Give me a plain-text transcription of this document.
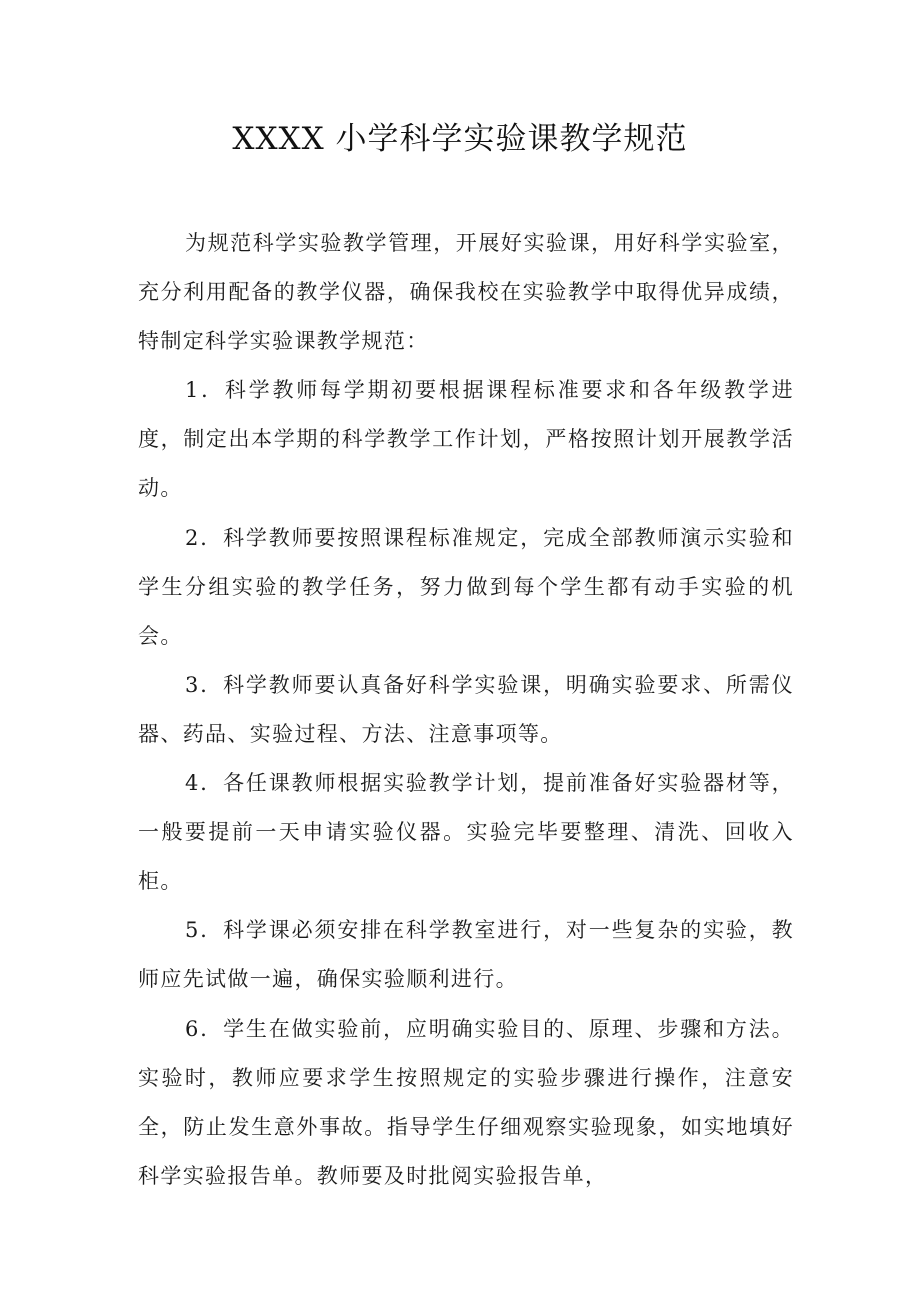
XXXX 小学科学实验课教学规范

为规范科学实验教学管理，开展好实验课，用好科学实验室，充分利用配备的教学仪器，确保我校在实验教学中取得优异成绩，特制定科学实验课教学规范：

1．科学教师每学期初要根据课程标准要求和各年级教学进度，制定出本学期的科学教学工作计划，严格按照计划开展教学活动。

2．科学教师要按照课程标准规定，完成全部教师演示实验和学生分组实验的教学任务，努力做到每个学生都有动手实验的机会。

3．科学教师要认真备好科学实验课，明确实验要求、所需仪器、药品、实验过程、方法、注意事项等。

4．各任课教师根据实验教学计划，提前准备好实验器材等，一般要提前一天申请实验仪器。实验完毕要整理、清洗、回收入柜。

5．科学课必须安排在科学教室进行，对一些复杂的实验，教师应先试做一遍，确保实验顺利进行。

6．学生在做实验前，应明确实验目的、原理、步骤和方法。实验时，教师应要求学生按照规定的实验步骤进行操作，注意安全，防止发生意外事故。指导学生仔细观察实验现象，如实地填好科学实验报告单。教师要及时批阅实验报告单，
